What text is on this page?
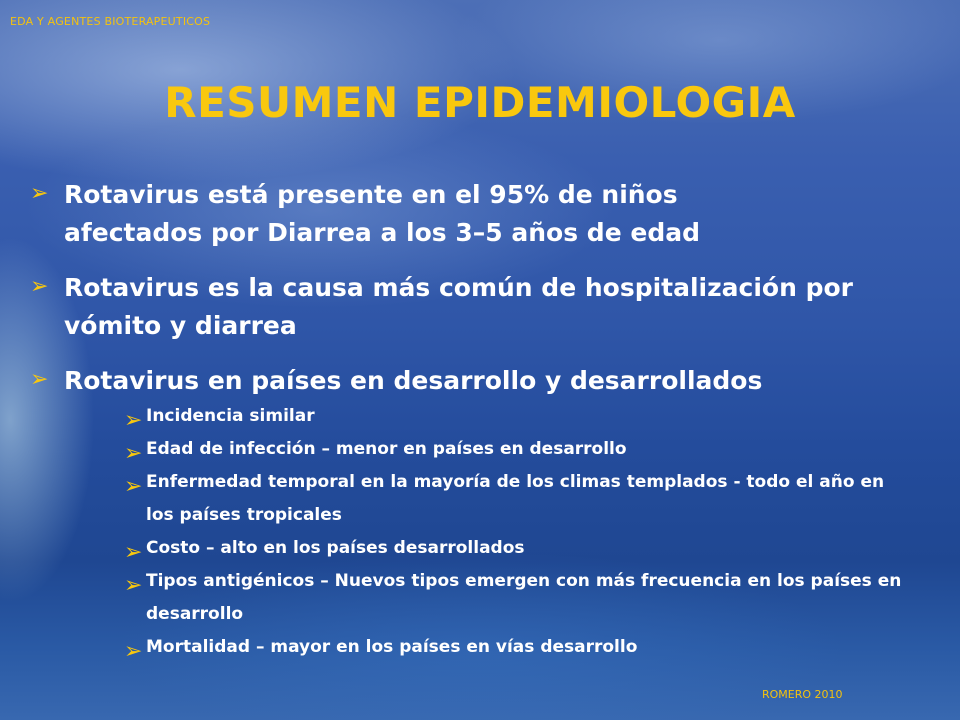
EDA Y AGENTES BIOTERAPEUTICOS
RESUMEN EPIDEMIOLOGIA
➢ Rotavirus está presente en el 95% de niños afectados por Diarrea a los 3–5 años de edad
➢ Rotavirus es la causa más común de hospitalización por vómito y diarrea
➢ Rotavirus en países en desarrollo y desarrollados
➢ Incidencia similar
➢ Edad de infección – menor en países en desarrollo
➢ Enfermedad temporal en la mayoría de los climas templados - todo el año en los países tropicales
➢ Costo – alto en los países desarrollados
➢ Tipos antigénicos – Nuevos tipos emergen con más frecuencia en los países en desarrollo
➢ Mortalidad – mayor en los países en vías desarrollo
ROMERO 2010
